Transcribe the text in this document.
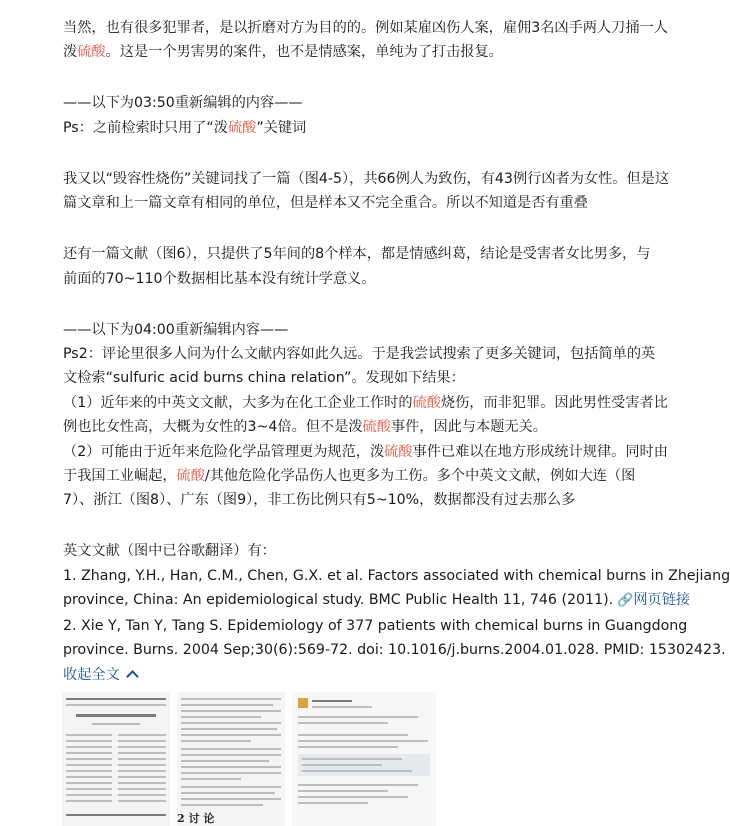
当然，也有很多犯罪者，是以折磨对方为目的的。例如某雇凶伤人案，雇佣3名凶手两人刀捅一人

泼硫酸。这是一个男害男的案件，也不是情感案，单纯为了打击报复。

——以下为03:50重新编辑的内容——

Ps：之前检索时只用了“泼硫酸”关键词

我又以“毁容性烧伤”关键词找了一篇（图4-5），共66例人为致伤，有43例行凶者为女性。但是这

篇文章和上一篇文章有相同的单位，但是样本又不完全重合。所以不知道是否有重叠

还有一篇文献（图6），只提供了5年间的8个样本，都是情感纠葛，结论是受害者女比男多，与

前面的70~110个数据相比基本没有统计学意义。

——以下为04:00重新编辑内容——

Ps2：评论里很多人问为什么文献内容如此久远。于是我尝试搜索了更多关键词，包括简单的英

文检索“sulfuric acid burns china relation”。发现如下结果：

（1）近年来的中英文文献，大多为在化工企业工作时的硫酸烧伤，而非犯罪。因此男性受害者比

例也比女性高，大概为女性的3~4倍。但不是泼硫酸事件，因此与本题无关。

（2）可能由于近年来危险化学品管理更为规范，泼硫酸事件已难以在地方形成统计规律。同时由

于我国工业崛起，硫酸/其他危险化学品伤人也更多为工伤。多个中英文文献，例如大连（图

7）、浙江（图8）、广东（图9），非工伤比例只有5~10%，数据都没有过去那么多

英文文献（图中已谷歌翻译）有：

1. Zhang, Y.H., Han, C.M., Chen, G.X. et al. Factors associated with chemical burns in Zhejiang

province, China: An epidemiological study. BMC Public Health 11, 746 (2011). 🔗网页链接

2. Xie Y, Tan Y, Tang S. Epidemiology of 377 patients with chemical burns in Guangdong

province. Burns. 2004 Sep;30(6):569-72. doi: 10.1016/j.burns.2004.01.028. PMID: 15302423.

收起全文

2 讨 论
